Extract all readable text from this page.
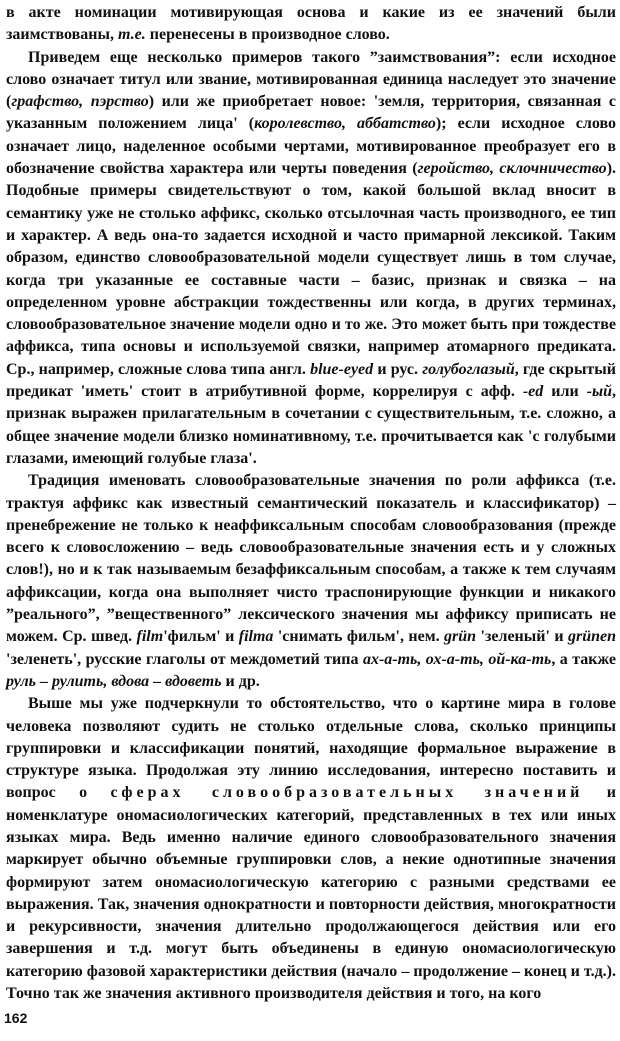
в акте номинации мотивирующая основа и какие из ее значений были заимствованы, т.е. перенесены в производное слово.

Приведем еще несколько примеров такого ”заимствования”: если исходное слово означает титул или звание, мотивированная единица наследует это значение (графство, пэрство) или же приобретает новое: 'земля, территория, связанная с указанным положением лица' (королевство, аббатство); если исходное слово означает лицо, наделенное особыми чертами, мотивированное преобразует его в обозначение свойства характера или черты поведения (геройство, склочничество). Подобные примеры свидетельствуют о том, какой большой вклад вносит в семантику уже не столько аффикс, сколько отсылочная часть производного, ее тип и характер. А ведь она-то задается исходной и часто примарной лексикой. Таким образом, единство словообразовательной модели существует лишь в том случае, когда три указанные ее составные части – базис, признак и связка – на определенном уровне абстракции тождественны или когда, в других терминах, словообразовательное значение модели одно и то же. Это может быть при тождестве аффикса, типа основы и используемой связки, например атомарного предиката. Ср., например, сложные слова типа англ. blue-eyed и рус. голубоглазый, где скрытый предикат 'иметь' стоит в атрибутивной форме, коррелируя с афф. -ed или -ый, признак выражен прилагательным в сочетании с существительным, т.е. сложно, а общее значение модели близко номинативному, т.е. прочитывается как 'с голубыми глазами, имеющий голубые глаза'.

Традиция именовать словообразовательные значения по роли аффикса (т.е. трактуя аффикс как известный семантический показатель и классификатор) – пренебрежение не только к неаффиксальным способам словообразования (прежде всего к словосложению – ведь словообразовательные значения есть и у сложных слов!), но и к так называемым безаффиксальным способам, а также к тем случаям аффиксации, когда она выполняет чисто траспонирующие функции и никакого ”реального”, ”вещественного” лексического значения мы аффиксу приписать не можем. Ср. швед. film'фильм' и filma 'снимать фильм', нем. grün 'зеленый' и grünen 'зеленеть', русские глаголы от междометий типа ах-а-ть, ох-а-ть, ой-ка-ть, а также руль – рулить, вдова – вдоветь и др.

Выше мы уже подчеркнули то обстоятельство, что о картине мира в голове человека позволяют судить не столько отдельные слова, сколько принципы группировки и классификации понятий, находящие формальное выражение в структуре языка. Продолжая эту линию исследования, интересно поставить и вопрос о сферах словообразовательных значений и номенклатуре ономасиологических категорий, представленных в тех или иных языках мира. Ведь именно наличие единого словообразовательного значения маркирует обычно объемные группировки слов, а некие однотипные значения формируют затем ономасиологическую категорию с разными средствами ее выражения. Так, значения однократности и повторности действия, многократности и рекурсивности, значения длительно продолжающегося действия или его завершения и т.д. могут быть объединены в единую ономасиологическую категорию фазовой характеристики действия (начало – продолжение – конец и т.д.). Точно так же значения активного производителя действия и того, на кого

162
